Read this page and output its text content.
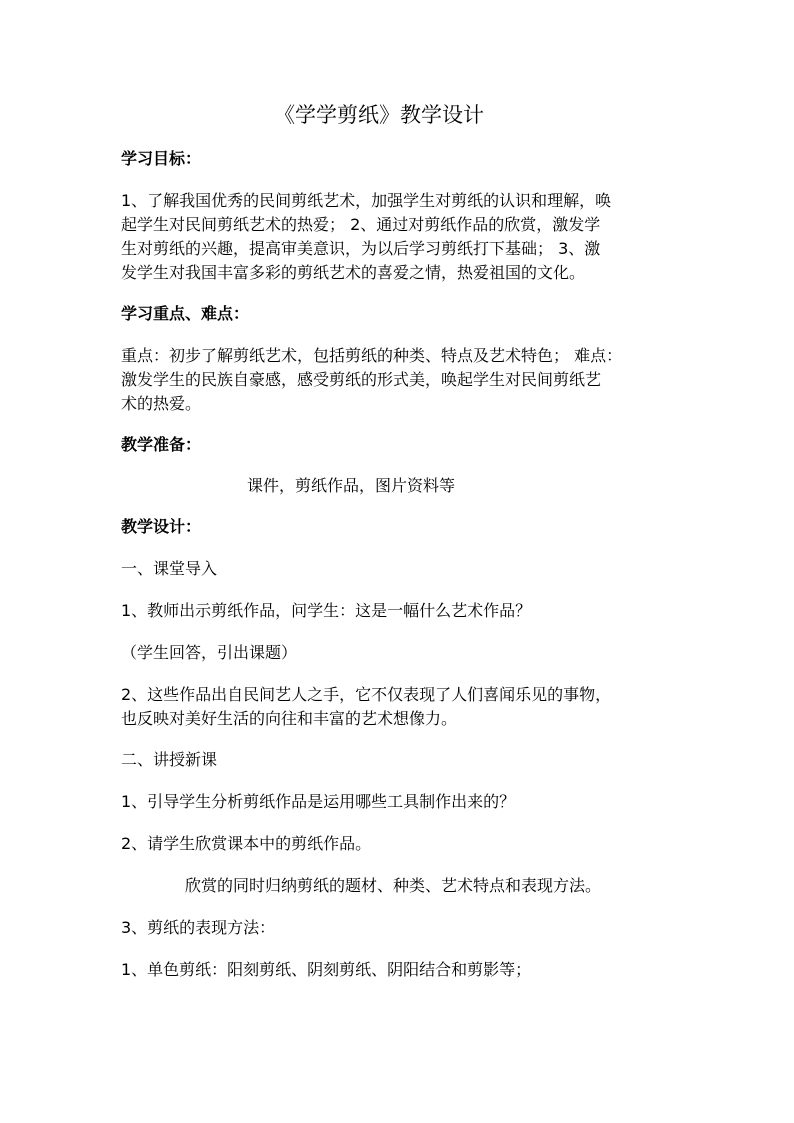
《学学剪纸》教学设计
学习目标：
1、了解我国优秀的民间剪纸艺术，加强学生对剪纸的认识和理解，唤
起学生对民间剪纸艺术的热爱； 2、通过对剪纸作品的欣赏，激发学
生对剪纸的兴趣，提高审美意识，为以后学习剪纸打下基础； 3、激
发学生对我国丰富多彩的剪纸艺术的喜爱之情，热爱祖国的文化。
学习重点、难点：
重点：初步了解剪纸艺术，包括剪纸的种类、特点及艺术特色； 难点：
激发学生的民族自豪感，感受剪纸的形式美，唤起学生对民间剪纸艺
术的热爱。
教学准备：
课件，剪纸作品，图片资料等
教学设计：
一、课堂导入
1、教师出示剪纸作品，问学生：这是一幅什么艺术作品？
（学生回答，引出课题）
2、这些作品出自民间艺人之手，它不仅表现了人们喜闻乐见的事物，
也反映对美好生活的向往和丰富的艺术想像力。
二、讲授新课
1、引导学生分析剪纸作品是运用哪些工具制作出来的？
2、请学生欣赏课本中的剪纸作品。
欣赏的同时归纳剪纸的题材、种类、艺术特点和表现方法。
3、剪纸的表现方法：
1、单色剪纸：阳刻剪纸、阴刻剪纸、阴阳结合和剪影等；
